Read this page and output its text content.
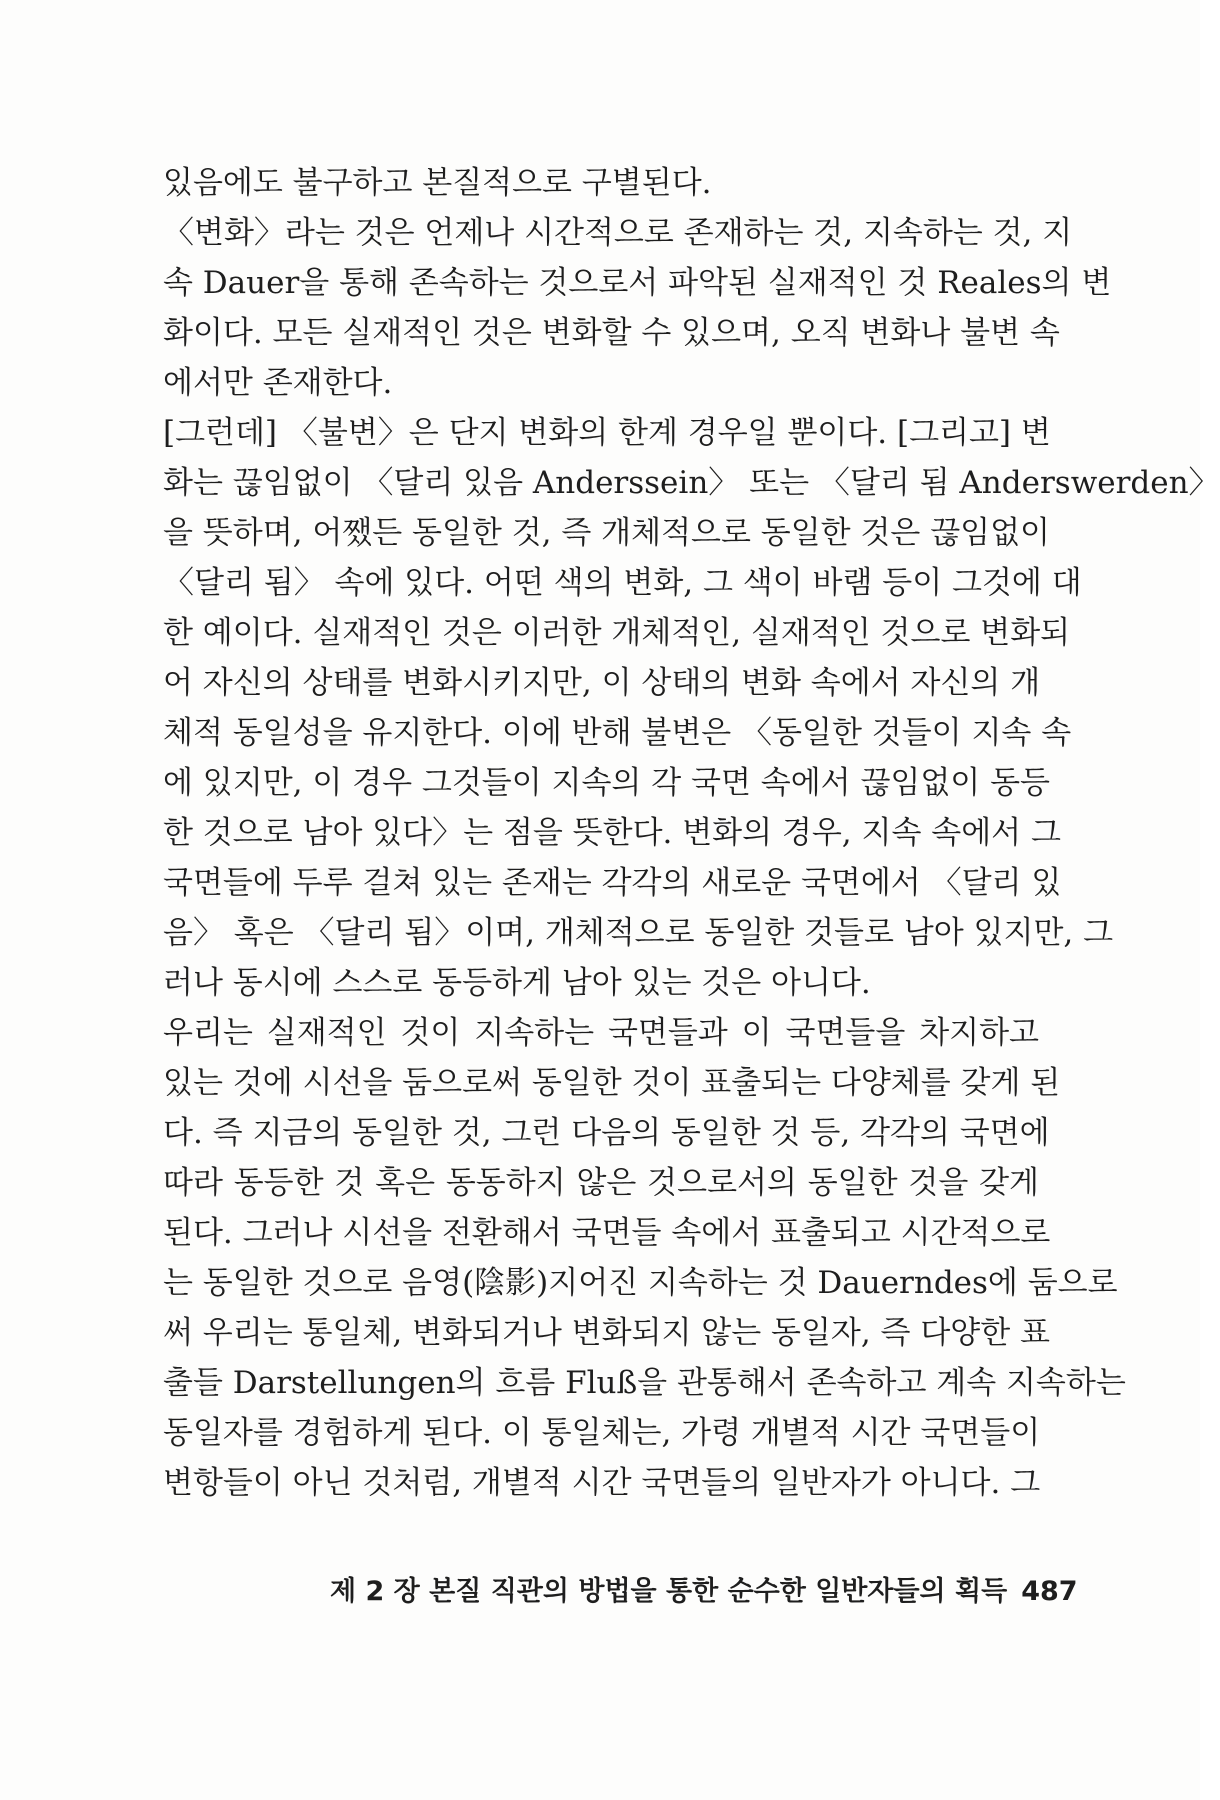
있음에도 불구하고 본질적으로 구별된다.
〈변화〉라는 것은 언제나 시간적으로 존재하는 것, 지속하는 것, 지
속 Dauer을 통해 존속하는 것으로서 파악된 실재적인 것 Reales의 변
화이다. 모든 실재적인 것은 변화할 수 있으며, 오직 변화나 불변 속
에서만 존재한다.
[그런데] 〈불변〉은 단지 변화의 한계 경우일 뿐이다. [그리고] 변
화는 끊임없이 〈달리 있음 Anderssein〉 또는 〈달리 됨 Anderswerden〉
을 뜻하며, 어쨌든 동일한 것, 즉 개체적으로 동일한 것은 끊임없이
〈달리 됨〉 속에 있다. 어떤 색의 변화, 그 색이 바램 등이 그것에 대
한 예이다. 실재적인 것은 이러한 개체적인, 실재적인 것으로 변화되
어 자신의 상태를 변화시키지만, 이 상태의 변화 속에서 자신의 개
체적 동일성을 유지한다. 이에 반해 불변은 〈동일한 것들이 지속 속
에 있지만, 이 경우 그것들이 지속의 각 국면 속에서 끊임없이 동등
한 것으로 남아 있다〉는 점을 뜻한다. 변화의 경우, 지속 속에서 그
국면들에 두루 걸쳐 있는 존재는 각각의 새로운 국면에서 〈달리 있
음〉 혹은 〈달리 됨〉이며, 개체적으로 동일한 것들로 남아 있지만, 그
러나 동시에 스스로 동등하게 남아 있는 것은 아니다.
우리는 실재적인 것이 지속하는 국면들과 이 국면들을 차지하고
있는 것에 시선을 둠으로써 동일한 것이 표출되는 다양체를 갖게 된
다. 즉 지금의 동일한 것, 그런 다음의 동일한 것 등, 각각의 국면에
따라 동등한 것 혹은 동동하지 않은 것으로서의 동일한 것을 갖게
된다. 그러나 시선을 전환해서 국면들 속에서 표출되고 시간적으로
는 동일한 것으로 음영(陰影)지어진 지속하는 것 Dauerndes에 둠으로
써 우리는 통일체, 변화되거나 변화되지 않는 동일자, 즉 다양한 표
출들 Darstellungen의 흐름 Fluß을 관통해서 존속하고 계속 지속하는
동일자를 경험하게 된다. 이 통일체는, 가령 개별적 시간 국면들이
변항들이 아닌 것처럼, 개별적 시간 국면들의 일반자가 아니다. 그
제 2 장 본질 직관의 방법을 통한 순수한 일반자들의 획득 487
